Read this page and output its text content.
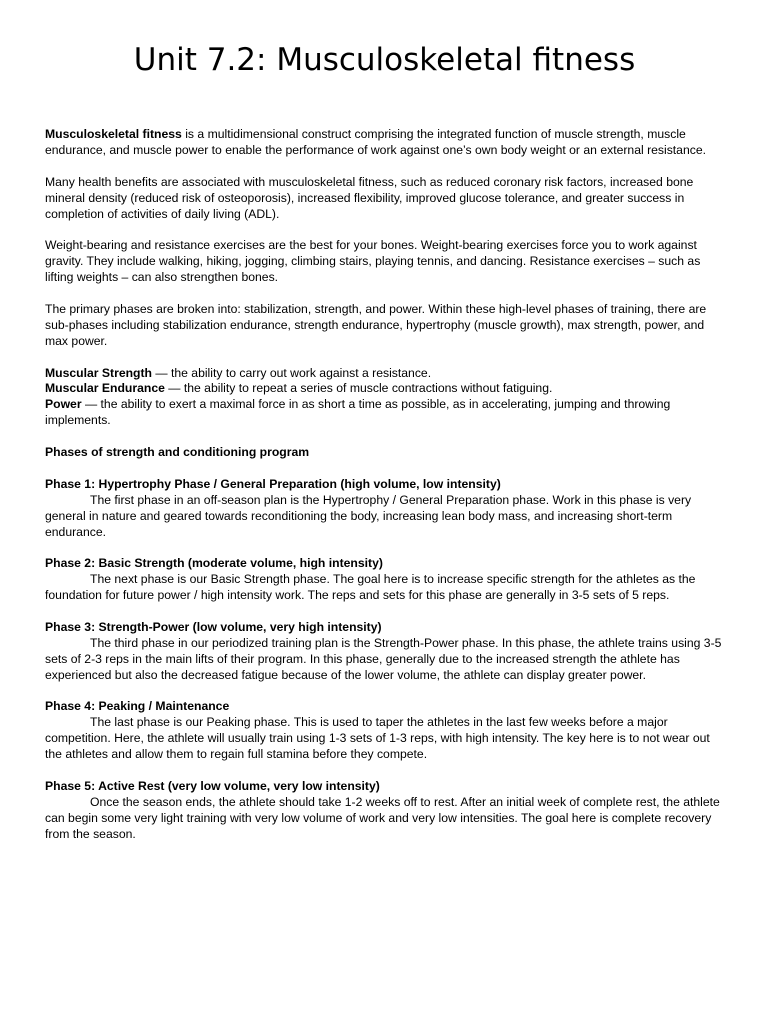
Unit 7.2: Musculoskeletal fitness

Musculoskeletal fitness is a multidimensional construct comprising the integrated function of muscle strength, muscle endurance, and muscle power to enable the performance of work against one’s own body weight or an external resistance.

Many health benefits are associated with musculoskeletal fitness, such as reduced coronary risk factors, increased bone mineral density (reduced risk of osteoporosis), increased flexibility, improved glucose tolerance, and greater success in completion of activities of daily living (ADL).

Weight-bearing and resistance exercises are the best for your bones. Weight-bearing exercises force you to work against gravity. They include walking, hiking, jogging, climbing stairs, playing tennis, and dancing. Resistance exercises – such as lifting weights – can also strengthen bones.

The primary phases are broken into: stabilization, strength, and power. Within these high-level phases of training, there are sub-phases including stabilization endurance, strength endurance, hypertrophy (muscle growth), max strength, power, and max power.

Muscular Strength — the ability to carry out work against a resistance.

Muscular Endurance — the ability to repeat a series of muscle contractions without fatiguing.

Power — the ability to exert a maximal force in as short a time as possible, as in accelerating, jumping and throwing implements.

Phases of strength and conditioning program

Phase 1: Hypertrophy Phase / General Preparation (high volume, low intensity)
The first phase in an off-season plan is the Hypertrophy / General Preparation phase. Work in this phase is very general in nature and geared towards reconditioning the body, increasing lean body mass, and increasing short-term endurance.

Phase 2: Basic Strength (moderate volume, high intensity)
The next phase is our Basic Strength phase. The goal here is to increase specific strength for the athletes as the foundation for future power / high intensity work. The reps and sets for this phase are generally in 3-5 sets of 5 reps.

Phase 3: Strength-Power (low volume, very high intensity)
The third phase in our periodized training plan is the Strength-Power phase. In this phase, the athlete trains using 3-5 sets of 2-3 reps in the main lifts of their program. In this phase, generally due to the increased strength the athlete has experienced but also the decreased fatigue because of the lower volume, the athlete can display greater power.

Phase 4: Peaking / Maintenance
The last phase is our Peaking phase. This is used to taper the athletes in the last few weeks before a major competition. Here, the athlete will usually train using 1-3 sets of 1-3 reps, with high intensity. The key here is to not wear out the athletes and allow them to regain full stamina before they compete.

Phase 5: Active Rest (very low volume, very low intensity)
Once the season ends, the athlete should take 1-2 weeks off to rest. After an initial week of complete rest, the athlete can begin some very light training with very low volume of work and very low intensities. The goal here is complete recovery from the season.
